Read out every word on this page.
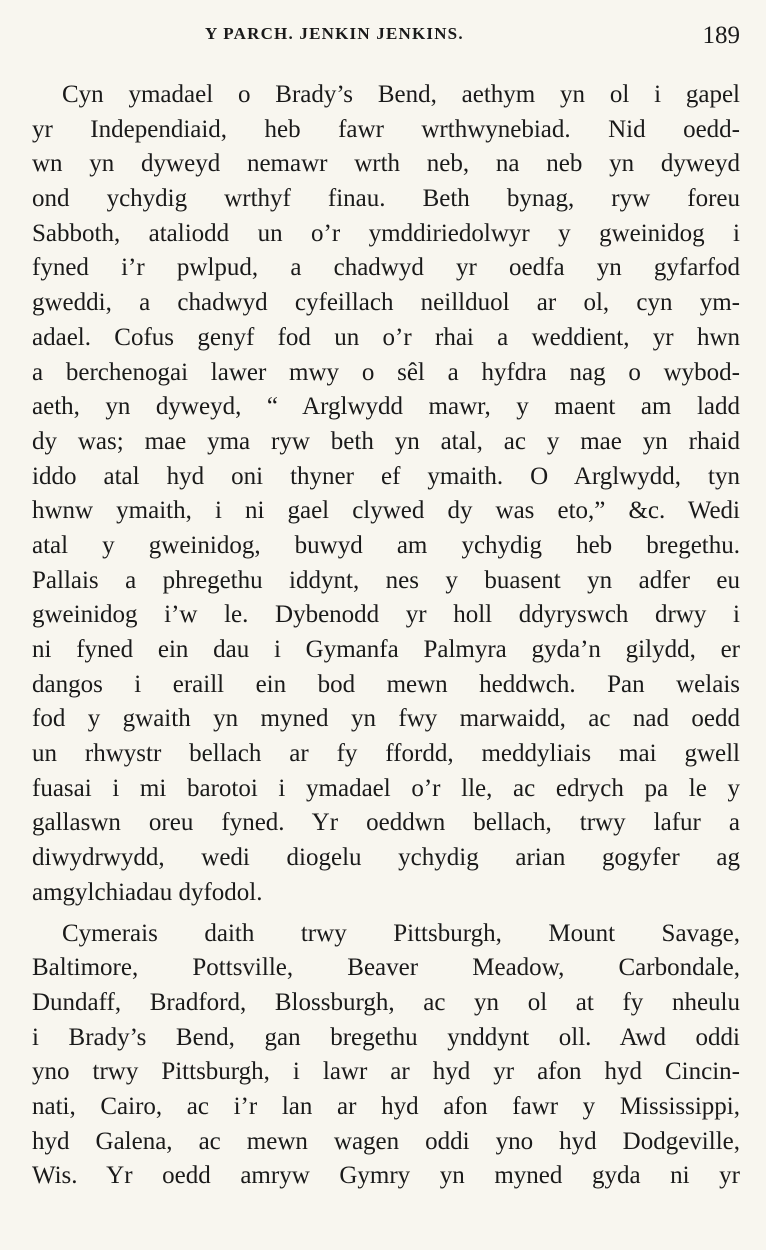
Y PARCH. JENKIN JENKINS.	189
Cyn ymadael o Brady’s Bend, aethym yn ol i gapel
yr Independiaid, heb fawr wrthwynebiad. Nid oedd-
wn yn dyweyd nemawr wrth neb, na neb yn dyweyd
ond ychydig wrthyf finau. Beth bynag, ryw foreu
Sabboth, ataliodd un o’r ymddiriedolwyr y gweinidog i
fyned i’r pwlpud, a chadwyd yr oedfa yn gyfarfod
gweddi, a chadwyd cyfeillach neillduol ar ol, cyn ym-
adael. Cofus genyf fod un o’r rhai a weddient, yr hwn
a berchenogai lawer mwy o sêl a hyfdra nag o wybod-
aeth, yn dyweyd, “ Arglwydd mawr, y maent am ladd
dy was; mae yma ryw beth yn atal, ac y mae yn rhaid
iddo atal hyd oni thyner ef ymaith. O Arglwydd, tyn
hwnw ymaith, i ni gael clywed dy was eto,” &c. Wedi
atal y gweinidog, buwyd am ychydig heb bregethu.
Pallais a phregethu iddynt, nes y buasent yn adfer eu
gweinidog i’w le. Dybenodd yr holl ddyryswch drwy i
ni fyned ein dau i Gymanfa Palmyra gyda’n gilydd, er
dangos i eraill ein bod mewn heddwch. Pan welais
fod y gwaith yn myned yn fwy marwaidd, ac nad oedd
un rhwystr bellach ar fy ffordd, meddyliais mai gwell
fuasai i mi barotoi i ymadael o’r lle, ac edrych pa le y
gallaswn oreu fyned. Yr oeddwn bellach, trwy lafur a
diwydrwydd, wedi diogelu ychydig arian gogyfer ag
amgylchiadau dyfodol.
Cymerais daith trwy Pittsburgh, Mount Savage,
Baltimore, Pottsville, Beaver Meadow, Carbondale,
Dundaff, Bradford, Blossburgh, ac yn ol at fy nheulu
i Brady’s Bend, gan bregethu ynddynt oll. Awd oddi
yno trwy Pittsburgh, i lawr ar hyd yr afon hyd Cincin-
nati, Cairo, ac i’r lan ar hyd afon fawr y Mississippi,
hyd Galena, ac mewn wagen oddi yno hyd Dodgeville,
Wis. Yr oedd amryw Gymry yn myned gyda ni yr
